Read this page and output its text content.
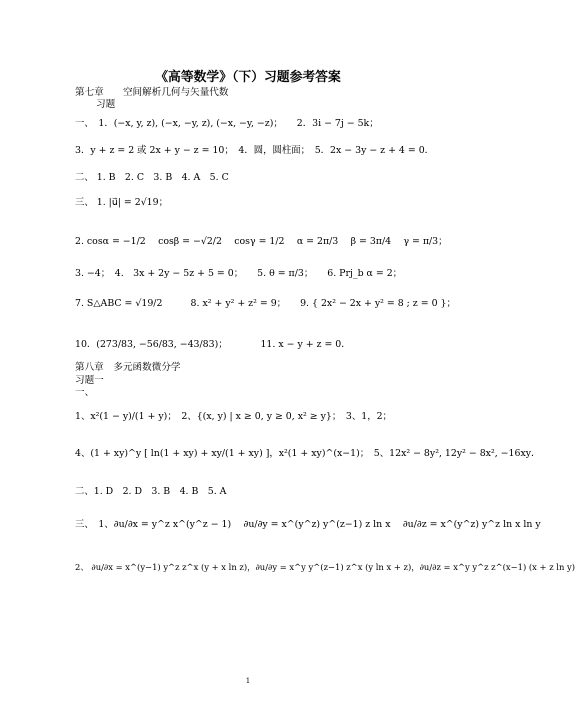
《高等数学》（下）习题参考答案
第七章　　空间解析几何与矢量代数
习题
一、　1．(−x, y, z), (−x, −y, z), (−x, −y, −z)；　　2．3i − 7j − 5k；
3．y + z = 2 或 2x + y − z = 10；　4．圆，圆柱面；　5．2x − 3y − z + 4 = 0．
二、 1. B　2. C　3. B　4. A　5. C
三、 1. |u⃗| = 2√19；
2. cosα = −1/2　 cosβ = −√2/2　 cosγ = 1/2　 α = 2π/3　 β = 3π/4　 γ = π/3；
3. −4；　4.　3x + 2y − 5z + 5 = 0；　　5. θ = π/3；　　6. Prj_b α = 2；
7. S△ABC = √19/2　　　8. x² + y² + z² = 9；　　9. { 2x² − 2x + y² = 8 ; z = 0 }；
10．(273/83, −56/83, −43/83)；　　　　11. x − y + z = 0．
第八章　多元函数微分学
习题一
一、
1、x²(1 − y)/(1 + y)；　2、{(x, y) | x ≥ 0, y ≥ 0, x² ≥ y}；　3、1，2；
4、(1 + xy)^y [ ln(1 + xy) + xy/(1 + xy) ]，x²(1 + xy)^(x−1)；　5、12x² − 8y², 12y² − 8x², −16xy．
二、1. D　2. D　3. B　4. B　5. A
三、　1、∂u/∂x = y^z x^(y^z − 1)　 ∂u/∂y = x^(y^z) y^(z−1) z ln x　 ∂u/∂z = x^(y^z) y^z ln x ln y
2、 ∂u/∂x = x^(y−1) y^z z^x (y + x ln z)，∂u/∂y = x^y y^(z−1) z^x (y ln x + z)，∂u/∂z = x^y y^z z^(x−1) (x + z ln y)
1
